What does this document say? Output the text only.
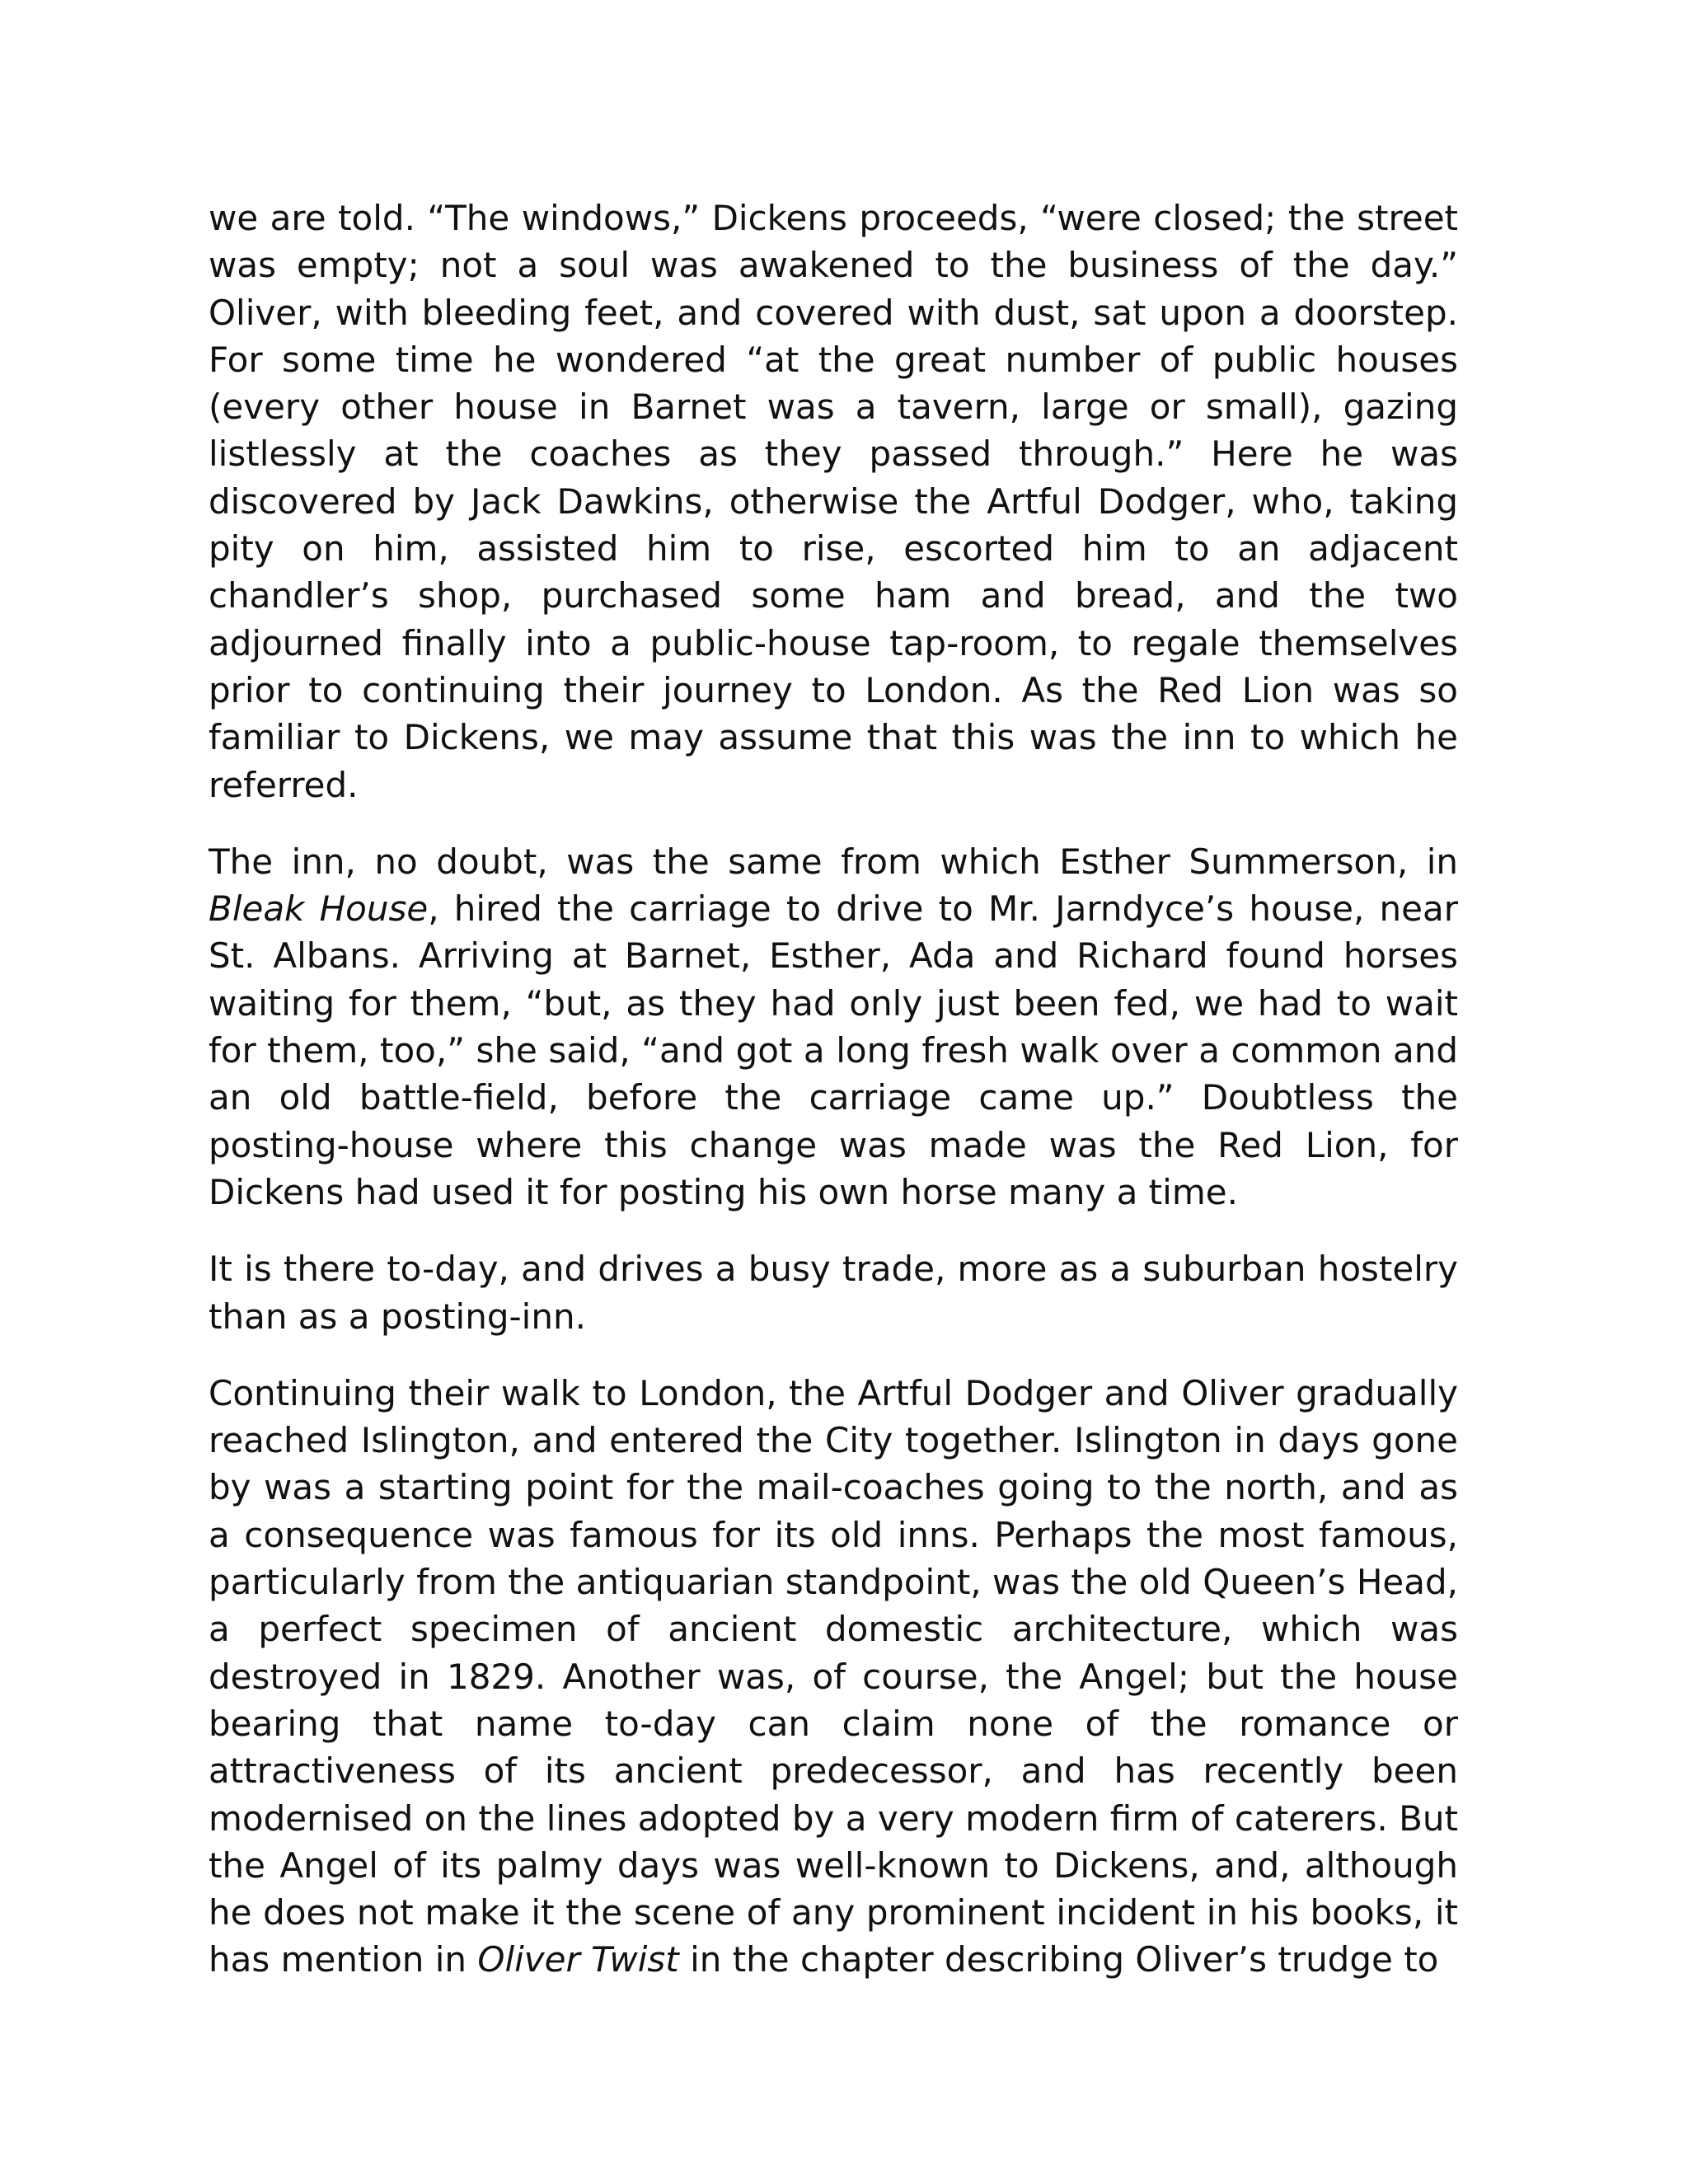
we are told. “The windows,” Dickens proceeds, “were closed; the street was empty; not a soul was awakened to the business of the day.” Oliver, with bleeding feet, and covered with dust, sat upon a doorstep. For some time he wondered “at the great number of public houses (every other house in Barnet was a tavern, large or small), gazing listlessly at the coaches as they passed through.” Here he was discovered by Jack Dawkins, otherwise the Artful Dodger, who, taking pity on him, assisted him to rise, escorted him to an adjacent chandler’s shop, purchased some ham and bread, and the two adjourned finally into a public-house tap-room, to regale themselves prior to continuing their journey to London. As the Red Lion was so familiar to Dickens, we may assume that this was the inn to which he referred.

The inn, no doubt, was the same from which Esther Summerson, in Bleak House, hired the carriage to drive to Mr. Jarndyce’s house, near St. Albans. Arriving at Barnet, Esther, Ada and Richard found horses waiting for them, “but, as they had only just been fed, we had to wait for them, too,” she said, “and got a long fresh walk over a common and an old battle-field, before the carriage came up.” Doubtless the posting-house where this change was made was the Red Lion, for Dickens had used it for posting his own horse many a time.

It is there to-day, and drives a busy trade, more as a suburban hostelry than as a posting-inn.

Continuing their walk to London, the Artful Dodger and Oliver gradually reached Islington, and entered the City together. Islington in days gone by was a starting point for the mail-coaches going to the north, and as a consequence was famous for its old inns. Perhaps the most famous, particularly from the antiquarian standpoint, was the old Queen’s Head, a perfect specimen of ancient domestic architecture, which was destroyed in 1829. Another was, of course, the Angel; but the house bearing that name to-day can claim none of the romance or attractiveness of its ancient predecessor, and has recently been modernised on the lines adopted by a very modern firm of caterers. But the Angel of its palmy days was well-known to Dickens, and, although he does not make it the scene of any prominent incident in his books, it has mention in Oliver Twist in the chapter describing Oliver’s trudge to
